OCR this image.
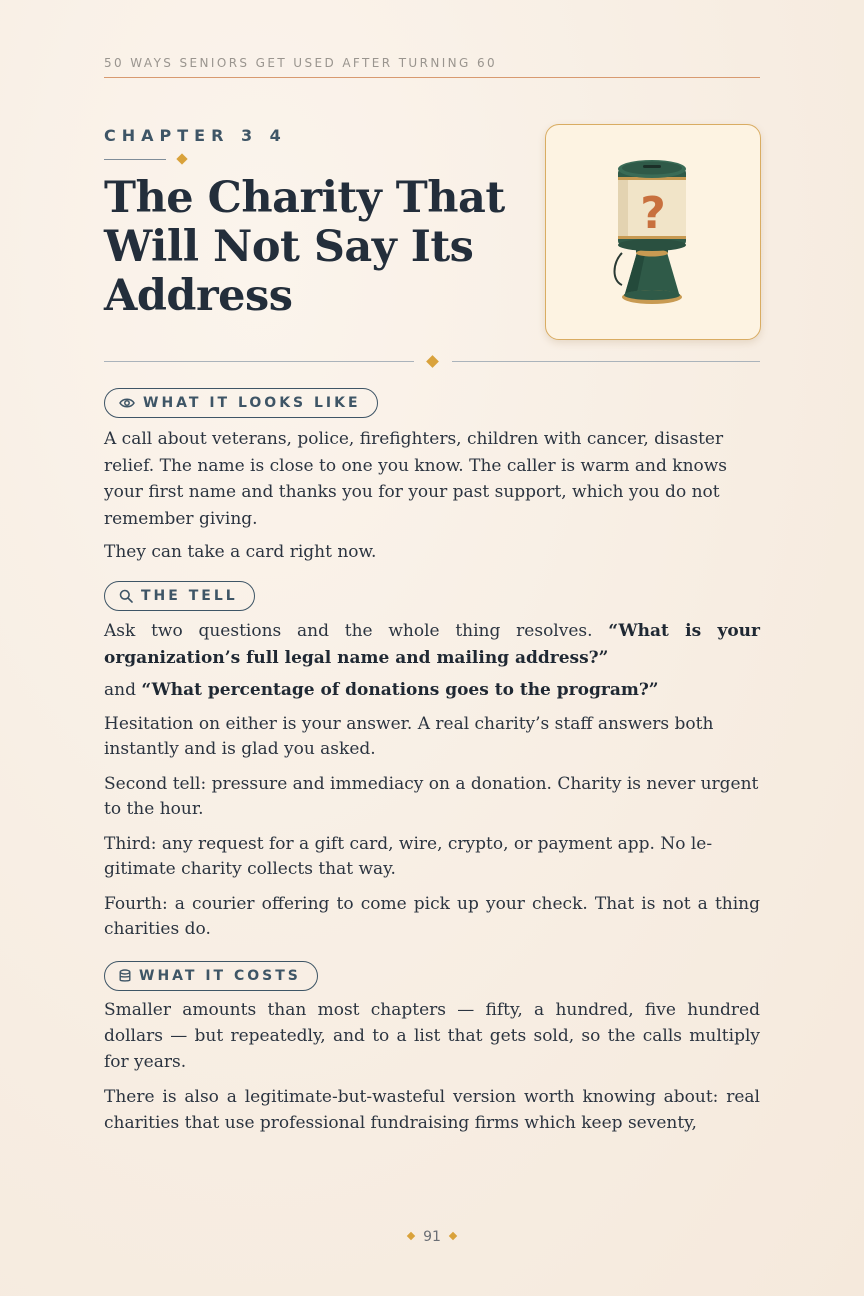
50 WAYS SENIORS GET USED AFTER TURNING 60
CHAPTER 3 4
The Charity That
Will Not Say Its
Address
?
WHAT IT LOOKS LIKE

A call about veterans, police, firefighters, children with cancer, disaster relief. The name is close to one you know. The caller is warm and knows your first name and thanks you for your past support, which you do not remember giving.

They can take a card right now.

THE TELL

Ask two questions and the whole thing resolves. “What is your organization’s full legal name and mailing address?”

and “What percentage of donations goes to the program?”

Hesitation on either is your answer. A real charity’s staff answers both instantly and is glad you asked.

Second tell: pressure and immediacy on a donation. Charity is never urgent to the hour.

Third: any request for a gift card, wire, crypto, or payment app. No legitimate charity collects that way.

Fourth: a courier offering to come pick up your check. That is not a thing charities do.

WHAT IT COSTS

Smaller amounts than most chapters — fifty, a hundred, five hundred dollars — but repeatedly, and to a list that gets sold, so the calls multiply for years.

There is also a legitimate-but-wasteful version worth knowing about: real charities that use professional fundraising firms which keep seventy,

91
